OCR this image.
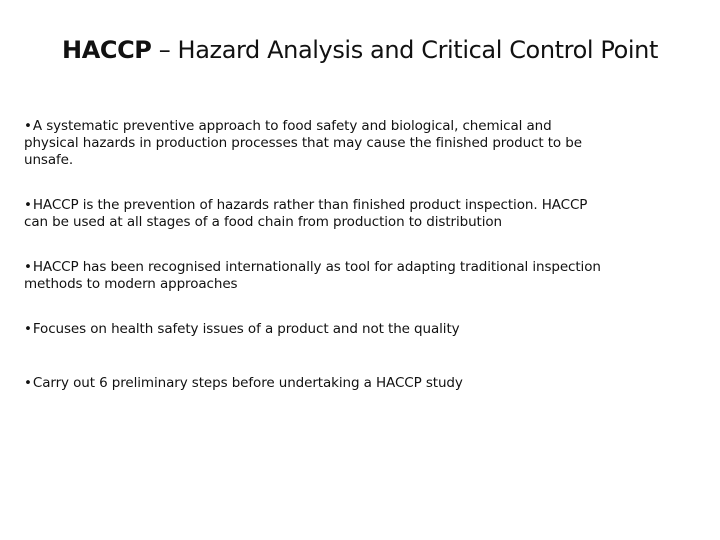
HACCP – Hazard Analysis and Critical Control Point
•A systematic preventive approach to food safety and biological, chemical and physical hazards in production processes that may cause the finished product to be unsafe.
•HACCP is the prevention of hazards rather than finished product inspection. HACCP can be used at all stages of a food chain from production to distribution
•HACCP has been recognised internationally as tool for adapting traditional inspection methods to modern approaches
•Focuses on health safety issues of a product and not the quality
•Carry out 6 preliminary steps before undertaking a HACCP study
